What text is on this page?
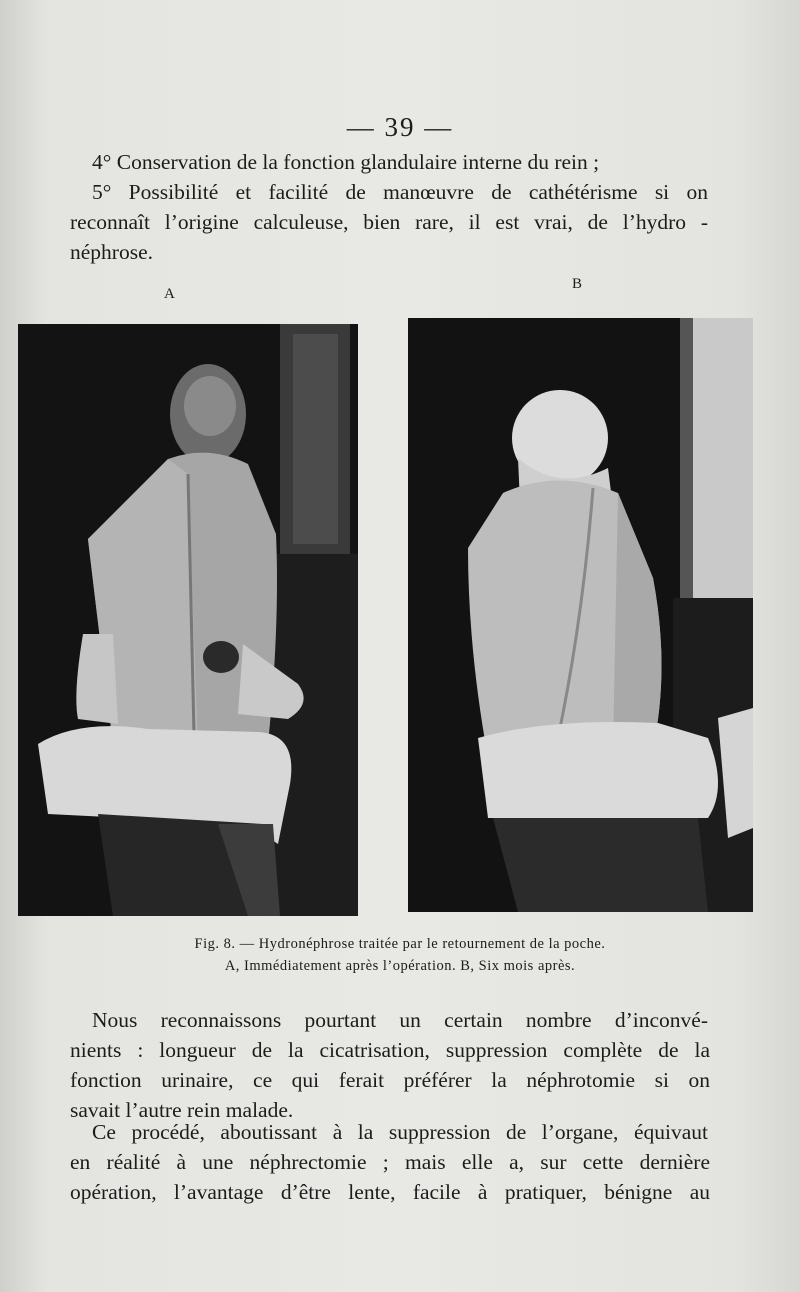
— 39 —
4° Conservation de la fonction glandulaire interne du rein ;
5° Possibilité et facilité de manœuvre de cathétérisme si on
reconnaît l’origine calculeuse, bien rare, il est vrai, de l’hydro -
néphrose.
A
B
Fig. 8. — Hydronéphrose traitée par le retournement de la poche.
A, Immédiatement après l’opération. B, Six mois après.
Nous reconnaissons pourtant un certain nombre d’inconvé-
nients : longueur de la cicatrisation, suppression complète de la
fonction urinaire, ce qui ferait préférer la néphrotomie si on
savait l’autre rein malade.
Ce procédé, aboutissant à la suppression de l’organe, équivaut
en réalité à une néphrectomie ; mais elle a, sur cette dernière
opération, l’avantage d’être lente, facile à pratiquer, bénigne au
